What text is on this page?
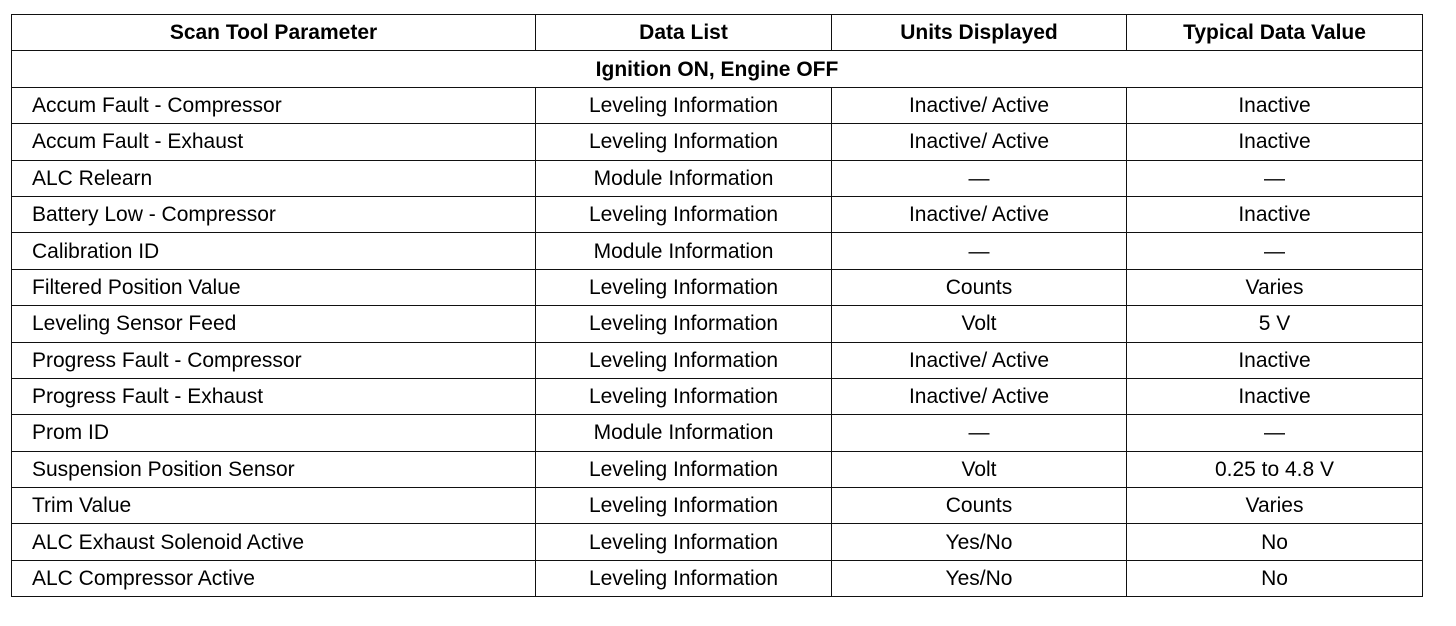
Scan Tool Parameter	Data List	Units Displayed	Typical Data Value
Ignition ON, Engine OFF			
Accum Fault - Compressor	Leveling Information	Inactive/ Active	Inactive
Accum Fault - Exhaust	Leveling Information	Inactive/ Active	Inactive
ALC Relearn	Module Information	—	—
Battery Low - Compressor	Leveling Information	Inactive/ Active	Inactive
Calibration ID	Module Information	—	—
Filtered Position Value	Leveling Information	Counts	Varies
Leveling Sensor Feed	Leveling Information	Volt	5 V
Progress Fault - Compressor	Leveling Information	Inactive/ Active	Inactive
Progress Fault - Exhaust	Leveling Information	Inactive/ Active	Inactive
Prom ID	Module Information	—	—
Suspension Position Sensor	Leveling Information	Volt	0.25 to 4.8 V
Trim Value	Leveling Information	Counts	Varies
ALC Exhaust Solenoid Active	Leveling Information	Yes/No	No
ALC Compressor Active	Leveling Information	Yes/No	No
